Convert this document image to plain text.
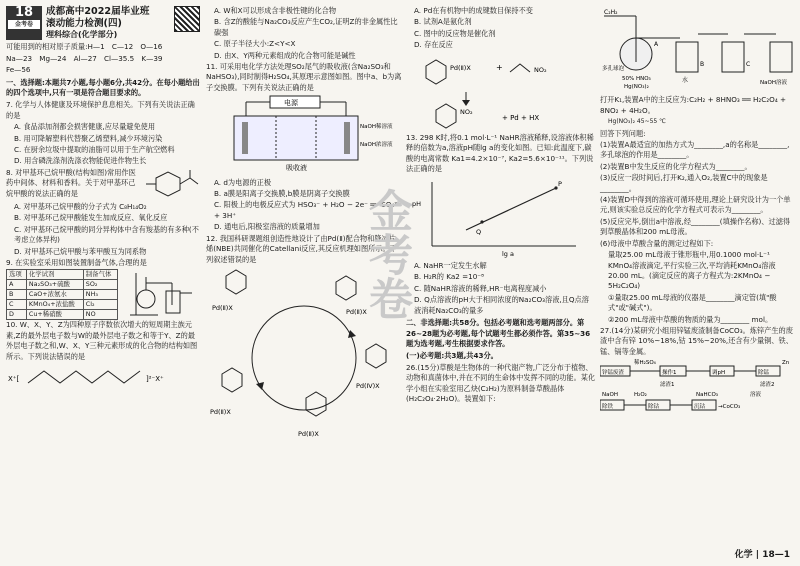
18
金考卷
成都高中2022届毕业班
滚动能力检测(四)
理科综合(化学部分)
可能用到的相对原子质量:H—1　C—12　O—16
Na—23　Mg—24　Al—27　Cl—35.5　K—39
Fe—56
一、选择题:本题共7小题,每小题6分,共42分。在每小题给出的四个选项中,只有一项是符合题目要求的。
7. 化学与人体健康及环境保护息息相关。下列有关说法正确的是
A. 食品添加剂都会损害健康,应尽量避免使用
B. 用可降解塑料代替聚乙烯塑料,减少环境污染
C. 在厨余垃圾中提取的油脂可以用于生产航空燃料
D. 用含磷洗涤剂洗涤衣物能促进作物生长
8. 对甲基环己烷甲酸(结构如图)常用作医药中间体、材料和香料。关于对甲基环己烷甲酸的说法正确的是
A. 对甲基环己烷甲酸的分子式为 C₈H₁₄O₂
B. 对甲基环己烷甲酸能发生加成反应、氧化反应
C. 对甲基环己烷甲酸的同分异构体中含有羧基的有多种(不考虑立体异构)
D. 对甲基环己烷甲酸与苯甲酸互为同系物
9. 在实验室采用如图装置制备气体,合理的是
选项	化学试剂	制备气体
A	Na₂SO₃+硫酸	SO₂
B	CaO+浓氨水	NH₃
C	KMnO₄+浓盐酸	Cl₂
D	Cu+稀硝酸	NO
10. W、X、Y、Z为四种原子序数依次增大的短周期主族元素,Z的最外层电子数与W的最外层电子数之和等于Y、Z的最外层电子数之和,W、X、Y三种元素形成的化合物的结构如图所示。下列说法错误的是
X⁺[	]²⁻X⁺
A. W和X可以形成含非极性键的化合物
B. 含Z的酸能与Na₂CO₃反应产生CO₂,证明Z的非金属性比碳强
C. 原子半径大小:Z<Y<X
D. 由X、Y两种元素组成的化合物可能是碱性
11. 可采用电化学方法处理SO₂尾气的吸收液(含Na₂SO₃和NaHSO₃),同时制得H₂SO₄,其原理示意图如图。图中a、b为离子交换膜。下列有关说法正确的是
电源
NaOH稀溶液
NaOH浓溶液
吸收液
A. d为电源的正极
B. a膜是阳离子交换膜,b膜是阴离子交换膜
C. 阳极上的电极反应式为 HSO₃⁻ + H₂O − 2e⁻ ══ SO₄²⁻ + 3H⁺
D. 通电后,阳极室溶液的质量增加
12. 我国科研课题组创造性地设计了由Pd(Ⅱ)配合物和降冰片烯(NBE)共同催化的Catellani反应,其反应机理如图所示。下列叙述错误的是
Pd(Ⅱ)X	Pd(Ⅱ)X
Pd(Ⅳ)X
Pd(Ⅱ)X
Pd(Ⅱ)X
A. Pd在有机物中的成键数目保持不变
B. 试剂A是氨化剂
C. 图中的反应物是催化剂
D. 存在反应
Pd(Ⅱ)X	+	NO₂
NO₂
+ Pd + HX
13. 298 K时,将0.1 mol·L⁻¹ NaHR溶液稀释,设溶液体积稀释的倍数为a,溶液pH随lg a的变化如图。已知:此温度下,碳酸的电离常数 Ka1=4.2×10⁻⁷, Ka2=5.6×10⁻¹¹。下列说法正确的是
P
Q
pH
lg a
A. NaHR一定发生水解
B. H₂R的 Ka2 =10⁻⁸
C. 随NaHR溶液的稀释,HR⁻电离程度减小
D. Q点溶液的pH大于相同浓度的Na₂CO₃溶液,且Q点溶液消耗Na₂CO₃的量多
二、非选择题:共58分。包括必考题和选考题两部分。第26~28题为必考题,每个试题考生都必须作答。第35~36题为选考题,考生根据要求作答。
(一)必考题:共3题,共43分。
26.(15分)草酸是生物体的一种代谢产物,广泛分布于植物、动物和真菌体中,并在不同的生命体中发挥不同的功能。某化学小组在实验室用乙炔(C₂H₂)为原料制备草酸晶体(H₂C₂O₄·2H₂O)。装置如下:
C₂H₂
多孔球泡
50% HNO₃
Hg(NO₃)₂
A
水
B	C
NaOH溶液
打开K₁,装置A中的主反应为:C₂H₂ + 8HNO₃ ══ H₂C₂O₄ + 8NO₂ + 4H₂O。
Hg(NO₃)₂ 45~55 ℃
回答下列问题:
(1)装置A最适宜的加热方式为________,a的名称是________,多孔球泡的作用是________。
(2)装置B中发生反应的化学方程式为________。
(3)反应一段时间后,打开K₂,通入O₂,装置C中的现象是________。
(4)装置D中得到的溶液可循环使用,理论上研究设计为一个单元,则该实验总反应的化学方程式可表示为________。
(5)反应完毕,倒出a中溶液,经________(填操作名称)、过滤得到草酸晶体和200 mL母液。
(6)母液中草酸含量的测定过程如下:
量取25.00 mL母液于锥形瓶中,用0.1000 mol·L⁻¹ KMnO₄溶液滴定,平行实验三次,平均消耗KMnO₄溶液20.00 mL。(滴定反应的离子方程式为:2KMnO₄ − 5H₂C₂O₄)
①量取25.00 mL母液的仪器是________滴定管(填"酸式"或"碱式")。
②200 mL母液中草酸的物质的量为________ mol。
27.(14分)某研究小组用锌锰废渣制备CoCO₃。炼锌产生的废渣中含有锌 10%~18%,钴 15%~20%,还含有少量铜、铁、锰、镉等金属。
锌锰废渣
稀H₂SO₄
操作1	调pH	除锰
Zn
滤渣1
NaOH	H₂O₂	NaHCO₃
除铁	除钴	沉钴 →CoCO₃
溶液
滤渣2
金考卷
化学 | 18—1
